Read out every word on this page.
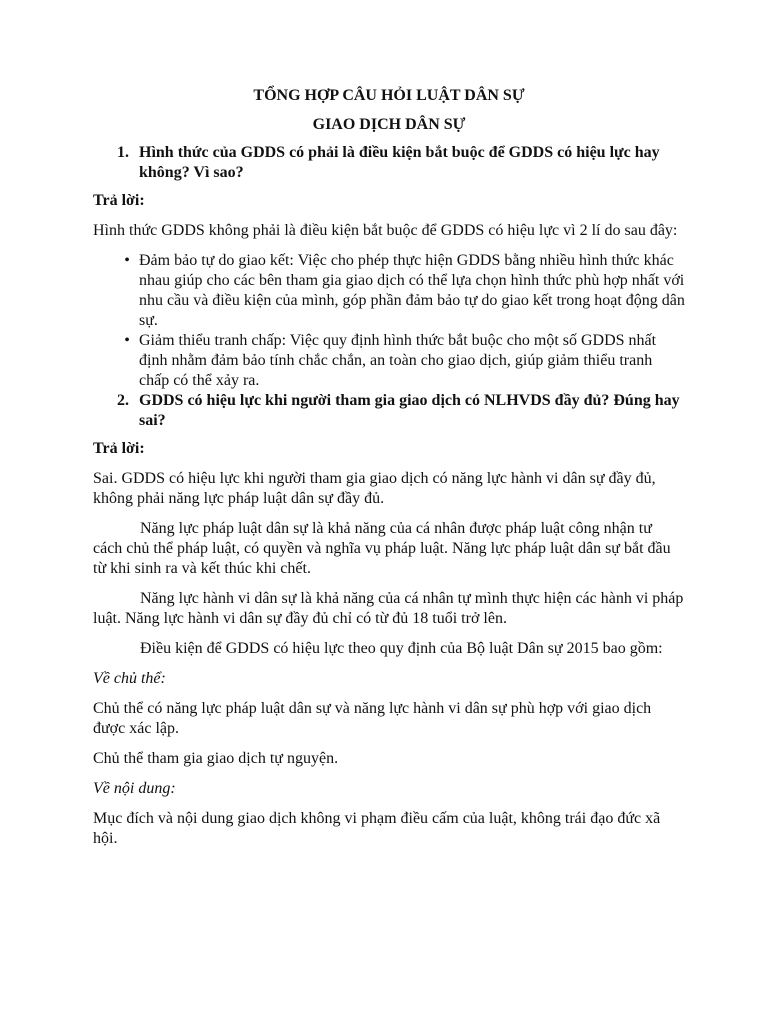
TỔNG HỢP CÂU HỎI LUẬT DÂN SỰ

GIAO DỊCH DÂN SỰ

1. Hình thức của GDDS có phải là điều kiện bắt buộc để GDDS có hiệu lực hay không? Vì sao?

Trả lời:

Hình thức GDDS không phải là điều kiện bắt buộc để GDDS có hiệu lực vì 2 lí do sau đây:

• Đảm bảo tự do giao kết: Việc cho phép thực hiện GDDS bằng nhiều hình thức khác nhau giúp cho các bên tham gia giao dịch có thể lựa chọn hình thức phù hợp nhất với nhu cầu và điều kiện của mình, góp phần đảm bảo tự do giao kết trong hoạt động dân sự.
• Giảm thiểu tranh chấp: Việc quy định hình thức bắt buộc cho một số GDDS nhất định nhằm đảm bảo tính chắc chắn, an toàn cho giao dịch, giúp giảm thiểu tranh chấp có thể xảy ra.
2. GDDS có hiệu lực khi người tham gia giao dịch có NLHVDS đầy đủ? Đúng hay sai?

Trả lời:

Sai. GDDS có hiệu lực khi người tham gia giao dịch có năng lực hành vi dân sự đầy đủ, không phải năng lực pháp luật dân sự đầy đủ.

Năng lực pháp luật dân sự là khả năng của cá nhân được pháp luật công nhận tư cách chủ thể pháp luật, có quyền và nghĩa vụ pháp luật. Năng lực pháp luật dân sự bắt đầu từ khi sinh ra và kết thúc khi chết.

Năng lực hành vi dân sự là khả năng của cá nhân tự mình thực hiện các hành vi pháp luật. Năng lực hành vi dân sự đầy đủ chỉ có từ đủ 18 tuổi trở lên.

Điều kiện để GDDS có hiệu lực theo quy định của Bộ luật Dân sự 2015 bao gồm:

Về chủ thể:

Chủ thể có năng lực pháp luật dân sự và năng lực hành vi dân sự phù hợp với giao dịch được xác lập.

Chủ thể tham gia giao dịch tự nguyện.

Về nội dung:

Mục đích và nội dung giao dịch không vi phạm điều cấm của luật, không trái đạo đức xã hội.
